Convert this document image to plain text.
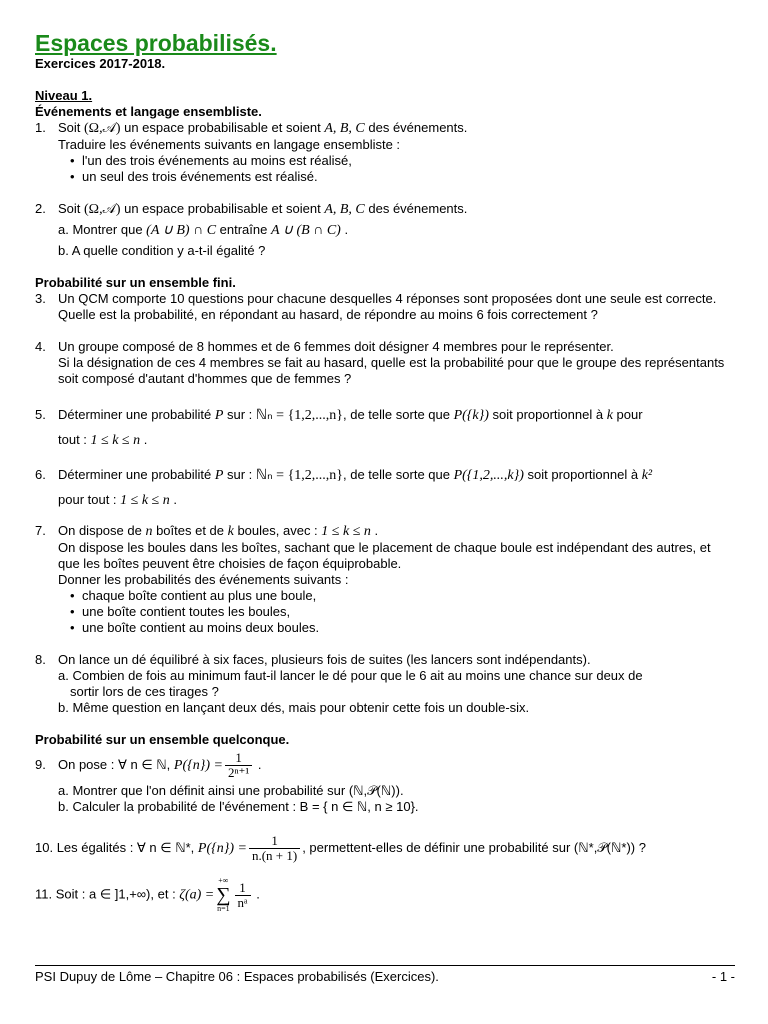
Espaces probabilisés.
Exercices 2017-2018.
Niveau 1.
Événements et langage ensembliste.
1. Soit (Ω,𝒜) un espace probabilisable et soient A, B, C des événements.
Traduire les événements suivants en langage ensembliste :
• l'un des trois événements au moins est réalisé,
• un seul des trois événements est réalisé.
2. Soit (Ω,𝒜) un espace probabilisable et soient A, B, C des événements.
a. Montrer que (A ∪ B) ∩ C entraîne A ∪ (B ∩ C) .
b. A quelle condition y a-t-il égalité ?
Probabilité sur un ensemble fini.
3. Un QCM comporte 10 questions pour chacune desquelles 4 réponses sont proposées dont une seule est correcte.
Quelle est la probabilité, en répondant au hasard, de répondre au moins 6 fois correctement ?
4. Un groupe composé de 8 hommes et de 6 femmes doit désigner 4 membres pour le représenter.
Si la désignation de ces 4 membres se fait au hasard, quelle est la probabilité pour que le groupe des représentants soit composé d'autant d'hommes que de femmes ?
5. Déterminer une probabilité P sur : ℕₙ = {1,2,...,n}, de telle sorte que P({k}) soit proportionnel à k pour
tout : 1 ≤ k ≤ n .
6. Déterminer une probabilité P sur : ℕₙ = {1,2,...,n}, de telle sorte que P({1,2,...,k}) soit proportionnel à k²
pour tout : 1 ≤ k ≤ n .
7. On dispose de n boîtes et de k boules, avec : 1 ≤ k ≤ n .
On dispose les boules dans les boîtes, sachant que le placement de chaque boule est indépendant des autres, et que les boîtes peuvent être choisies de façon équiprobable.
Donner les probabilités des événements suivants :
• chaque boîte contient au plus une boule,
• une boîte contient toutes les boules,
• une boîte contient au moins deux boules.
8. On lance un dé équilibré à six faces, plusieurs fois de suites (les lancers sont indépendants).
a. Combien de fois au minimum faut-il lancer le dé pour que le 6 ait au moins une chance sur deux de
sortir lors de ces tirages ?
b. Même question en lançant deux dés, mais pour obtenir cette fois un double-six.
Probabilité sur un ensemble quelconque.
9. On pose : ∀ n ∈ ℕ, $P(\{n\}) = \frac{1}{\text{2ⁿ⁺¹}}$ .
a. Montrer que l'on définit ainsi une probabilité sur (ℕ,𝒫(ℕ)).
b. Calculer la probabilité de l'événement : B = { n ∈ ℕ, n ≥ 10}.
10. Les égalités : ∀ n ∈ ℕ*, $P(\{n\}) = \frac{1}{n.(n + 1)}$ , permettent-elles de définir une probabilité sur (ℕ*,𝒫(ℕ*)) ?
11. Soit : a ∈ ]1,+∞), et : ζ(a) =
+∞
∑
$n=1 \frac{1}{\text{nᵃ}}$ .
PSI Dupuy de Lôme – Chapitre 06 : Espaces probabilisés (Exercices).	- 1 -
